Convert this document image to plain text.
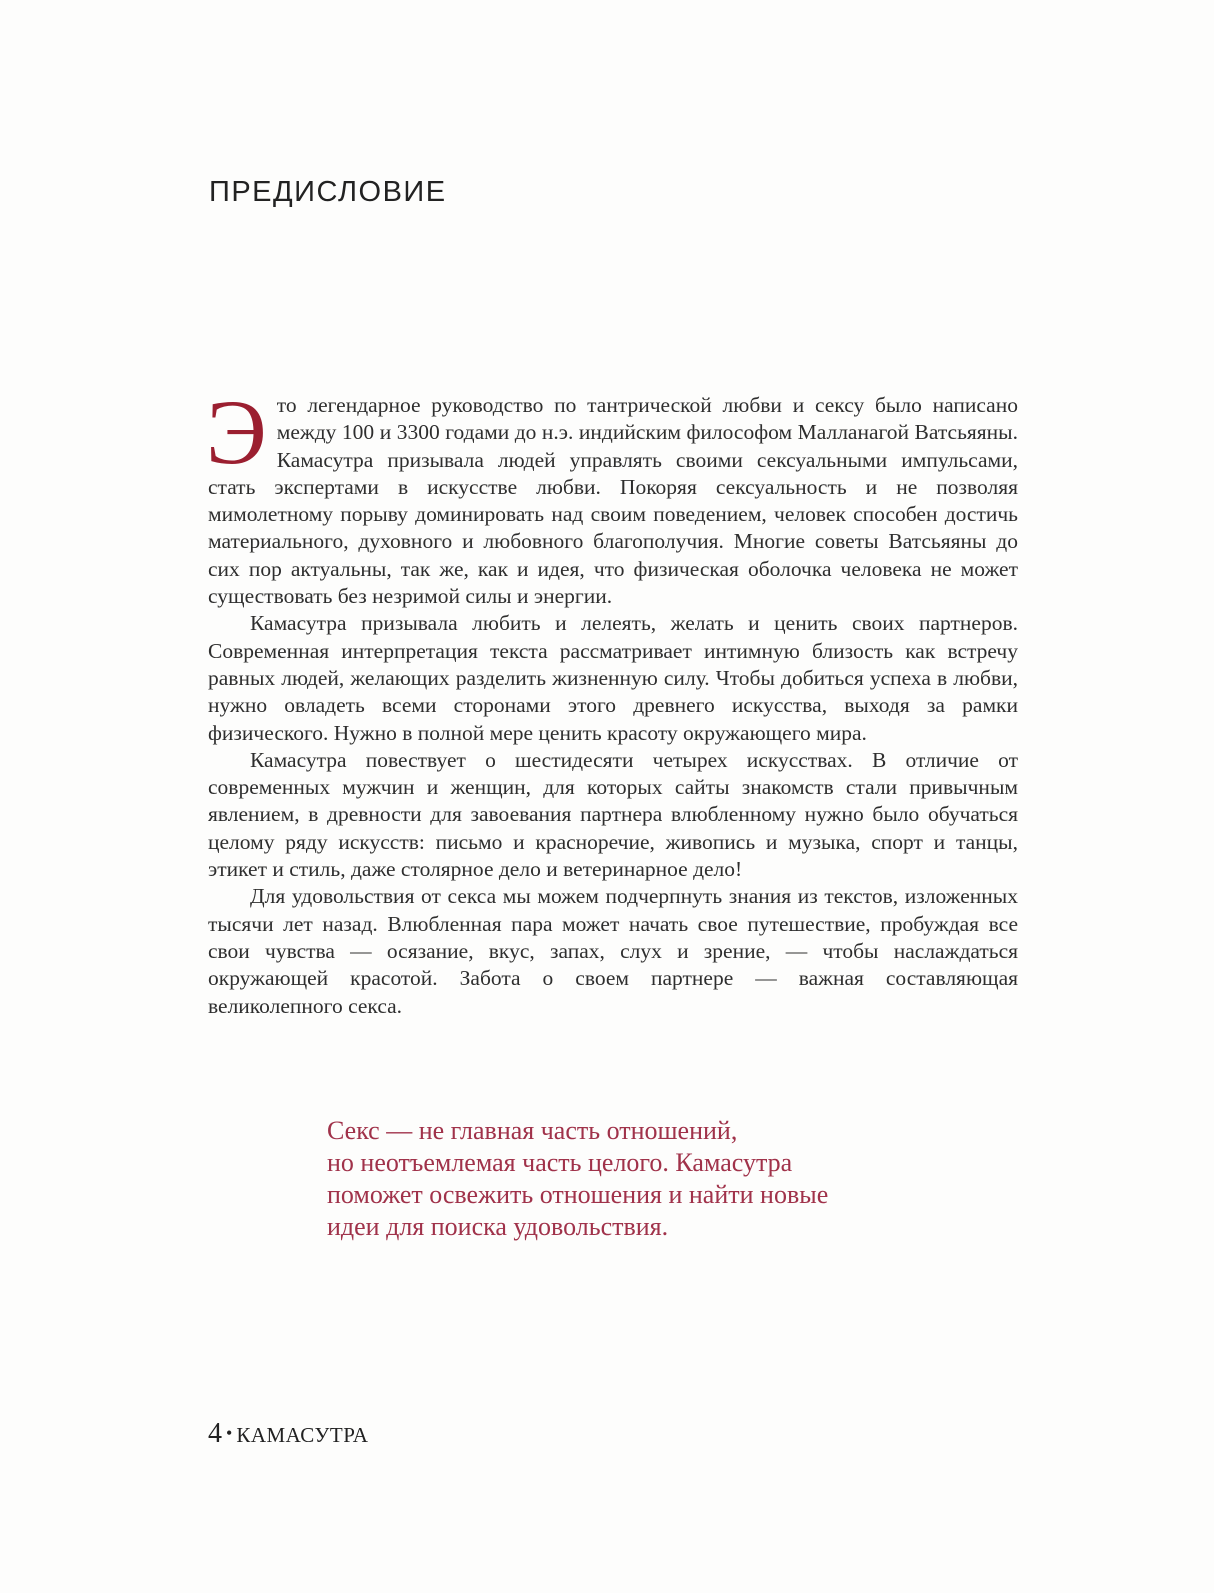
ПРЕДИСЛОВИЕ

Это легендарное руководство по тантрической любви и сексу было написано между 100 и 3300 годами до н.э. индийским философом Малланагой Ватсьяяны. Камасутра призывала людей управлять своими сексуальными импульсами, стать экспертами в искусстве любви. Покоряя сексуальность и не позволяя мимолетному порыву доминировать над своим поведением, человек способен достичь материального, духовного и любовного благополучия. Многие советы Ватсьяяны до сих пор актуальны, так же, как и идея, что физическая оболочка человека не может существовать без незримой силы и энергии.

Камасутра призывала любить и лелеять, желать и ценить своих партнеров. Современная интерпретация текста рассматривает интимную близость как встречу равных людей, желающих разделить жизненную силу. Чтобы добиться успеха в любви, нужно овладеть всеми сторонами этого древнего искусства, выходя за рамки физического. Нужно в полной мере ценить красоту окружающего мира.

Камасутра повествует о шестидесяти четырех искусствах. В отличие от современных мужчин и женщин, для которых сайты знакомств стали привычным явлением, в древности для завоевания партнера влюбленному нужно было обучаться целому ряду искусств: письмо и красноречие, живопись и музыка, спорт и танцы, этикет и стиль, даже столярное дело и ветеринарное дело!

Для удовольствия от секса мы можем подчерпнуть знания из текстов, изложенных тысячи лет назад. Влюбленная пара может начать свое путешествие, пробуждая все свои чувства — осязание, вкус, запах, слух и зрение, — чтобы наслаждаться окружающей красотой. Забота о своем партнере — важная составляющая великолепного секса.

Секс — не главная часть отношений,
но неотъемлемая часть целого. Камасутра
поможет освежить отношения и найти новые
идеи для поиска удовольствия.
4 • КАМАСУТРА
